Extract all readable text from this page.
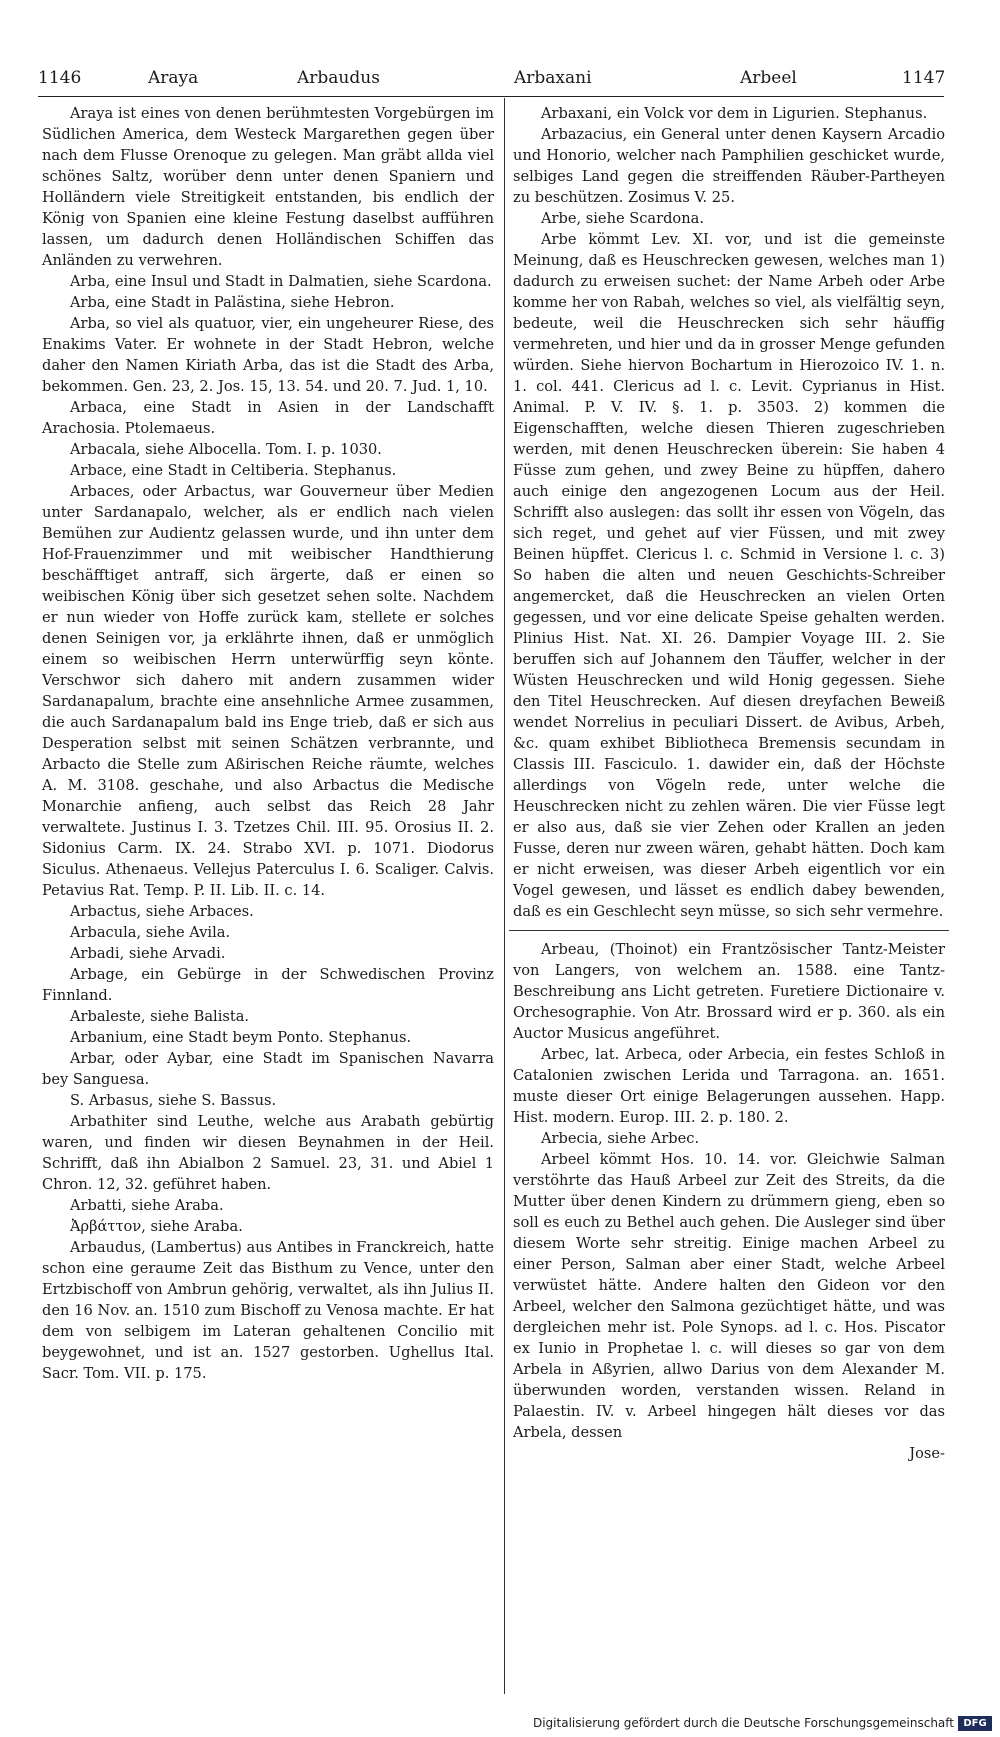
1146	Araya	Arbaudus	Arbaxani	Arbeel	1147

Araya ist eines von denen berühmtesten Vorgebürgen im Südlichen America, dem Westeck Margarethen gegen über nach dem Flusse Orenoque zu gelegen. Man gräbt allda viel schönes Saltz, worüber denn unter denen Spaniern und Holländern viele Streitigkeit entstanden, bis endlich der König von Spanien eine kleine Festung daselbst aufführen lassen, um dadurch denen Holländischen Schiffen das Anländen zu verwehren.

Arba, eine Insul und Stadt in Dalmatien, siehe Scardona.

Arba, eine Stadt in Palästina, siehe Hebron.

Arba, so viel als quatuor, vier, ein ungeheurer Riese, des Enakims Vater. Er wohnete in der Stadt Hebron, welche daher den Namen Kiriath Arba, das ist die Stadt des Arba, bekommen. Gen. 23, 2. Jos. 15, 13. 54. und 20. 7. Jud. 1, 10.

Arbaca, eine Stadt in Asien in der Landschafft Arachosia. Ptolemaeus.

Arbacala, siehe Albocella. Tom. I. p. 1030.

Arbace, eine Stadt in Celtiberia. Stephanus.

Arbaces, oder Arbactus, war Gouverneur über Medien unter Sardanapalo, welcher, als er endlich nach vielen Bemühen zur Audientz gelassen wurde, und ihn unter dem Hof-Frauenzimmer und mit weibischer Handthierung beschäfftiget antraff, sich ärgerte, daß er einen so weibischen König über sich gesetzet sehen solte. Nachdem er nun wieder von Hoffe zurück kam, stellete er solches denen Seinigen vor, ja erklährte ihnen, daß er unmöglich einem so weibischen Herrn unterwürffig seyn könte. Verschwor sich dahero mit andern zusammen wider Sardanapalum, brachte eine ansehnliche Armee zusammen, die auch Sardanapalum bald ins Enge trieb, daß er sich aus Desperation selbst mit seinen Schätzen verbrannte, und Arbacto die Stelle zum Aßirischen Reiche räumte, welches A. M. 3108. geschahe, und also Arbactus die Medische Monarchie anfieng, auch selbst das Reich 28 Jahr verwaltete. Justinus I. 3. Tzetzes Chil. III. 95. Orosius II. 2. Sidonius Carm. IX. 24. Strabo XVI. p. 1071. Diodorus Siculus. Athenaeus. Vellejus Paterculus I. 6. Scaliger. Calvis. Petavius Rat. Temp. P. II. Lib. II. c. 14.

Arbactus, siehe Arbaces.

Arbacula, siehe Avila.

Arbadi, siehe Arvadi.

Arbage, ein Gebürge in der Schwedischen Provinz Finnland.

Arbaleste, siehe Balista.

Arbanium, eine Stadt beym Ponto. Stephanus.

Arbar, oder Aybar, eine Stadt im Spanischen Navarra bey Sanguesa.

S. Arbasus, siehe S. Bassus.

Arbathiter sind Leuthe, welche aus Arabath gebürtig waren, und finden wir diesen Beynahmen in der Heil. Schrifft, daß ihn Abialbon 2 Samuel. 23, 31. und Abiel 1 Chron. 12, 32. geführet haben.

Arbatti, siehe Araba.

Ἀρβάττον, siehe Araba.

Arbaudus, (Lambertus) aus Antibes in Franckreich, hatte schon eine geraume Zeit das Bisthum zu Vence, unter den Ertzbischoff von Ambrun gehörig, verwaltet, als ihn Julius II. den 16 Nov. an. 1510 zum Bischoff zu Venosa machte. Er hat dem von selbigem im Lateran gehaltenen Concilio mit beygewohnet, und ist an. 1527 gestorben. Ughellus Ital. Sacr. Tom. VII. p. 175.

Arbaxani, ein Volck vor dem in Ligurien. Stephanus.

Arbazacius, ein General unter denen Kaysern Arcadio und Honorio, welcher nach Pamphilien geschicket wurde, selbiges Land gegen die streiffenden Räuber-Partheyen zu beschützen. Zosimus V. 25.

Arbe, siehe Scardona.

Arbe kömmt Lev. XI. vor, und ist die gemeinste Meinung, daß es Heuschrecken gewesen, welches man 1) dadurch zu erweisen suchet: der Name Arbeh oder Arbe komme her von Rabah, welches so viel, als vielfältig seyn, bedeute, weil die Heuschrecken sich sehr häuffig vermehreten, und hier und da in grosser Menge gefunden würden. Siehe hiervon Bochartum in Hierozoico IV. 1. n. 1. col. 441. Clericus ad l. c. Levit. Cyprianus in Hist. Animal. P. V. IV. §. 1. p. 3503. 2) kommen die Eigenschafften, welche diesen Thieren zugeschrieben werden, mit denen Heuschrecken überein: Sie haben 4 Füsse zum gehen, und zwey Beine zu hüpffen, dahero auch einige den angezogenen Locum aus der Heil. Schrifft also auslegen: das sollt ihr essen von Vögeln, das sich reget, und gehet auf vier Füssen, und mit zwey Beinen hüpffet. Clericus l. c. Schmid in Versione l. c. 3) So haben die alten und neuen Geschichts-Schreiber angemercket, daß die Heuschrecken an vielen Orten gegessen, und vor eine delicate Speise gehalten werden. Plinius Hist. Nat. XI. 26. Dampier Voyage III. 2. Sie beruffen sich auf Johannem den Täuffer, welcher in der Wüsten Heuschrecken und wild Honig gegessen. Siehe den Titel Heuschrecken. Auf diesen dreyfachen Beweiß wendet Norrelius in peculiari Dissert. de Avibus, Arbeh, &c. quam exhibet Bibliotheca Bremensis secundam in Classis III. Fasciculo. 1. dawider ein, daß der Höchste allerdings von Vögeln rede, unter welche die Heuschrecken nicht zu zehlen wären. Die vier Füsse legt er also aus, daß sie vier Zehen oder Krallen an jeden Fusse, deren nur zween wären, gehabt hätten. Doch kam er nicht erweisen, was dieser Arbeh eigentlich vor ein Vogel gewesen, und lässet es endlich dabey bewenden, daß es ein Geschlecht seyn müsse, so sich sehr vermehre.

Arbeau, (Thoinot) ein Frantzösischer Tantz-Meister von Langers, von welchem an. 1588. eine Tantz-Beschreibung ans Licht getreten. Furetiere Dictionaire v. Orchesographie. Von Atr. Brossard wird er p. 360. als ein Auctor Musicus angeführet.

Arbec, lat. Arbeca, oder Arbecia, ein festes Schloß in Catalonien zwischen Lerida und Tarragona. an. 1651. muste dieser Ort einige Belagerungen aussehen. Happ. Hist. modern. Europ. III. 2. p. 180. 2.

Arbecia, siehe Arbec.

Arbeel kömmt Hos. 10. 14. vor. Gleichwie Salman verstöhrte das Hauß Arbeel zur Zeit des Streits, da die Mutter über denen Kindern zu drümmern gieng, eben so soll es euch zu Bethel auch gehen. Die Ausleger sind über diesem Worte sehr streitig. Einige machen Arbeel zu einer Person, Salman aber einer Stadt, welche Arbeel verwüstet hätte. Andere halten den Gideon vor den Arbeel, welcher den Salmona gezüchtiget hätte, und was dergleichen mehr ist. Pole Synops. ad l. c. Hos. Piscator ex Iunio in Prophetae l. c. will dieses so gar von dem Arbela in Aßyrien, allwo Darius von dem Alexander M. überwunden worden, verstanden wissen. Reland in Palaestin. IV. v. Arbeel hingegen hält dieses vor das Arbela, dessen

Jose-

Digitalisierung gefördert durch die Deutsche Forschungsgemeinschaft DFG
